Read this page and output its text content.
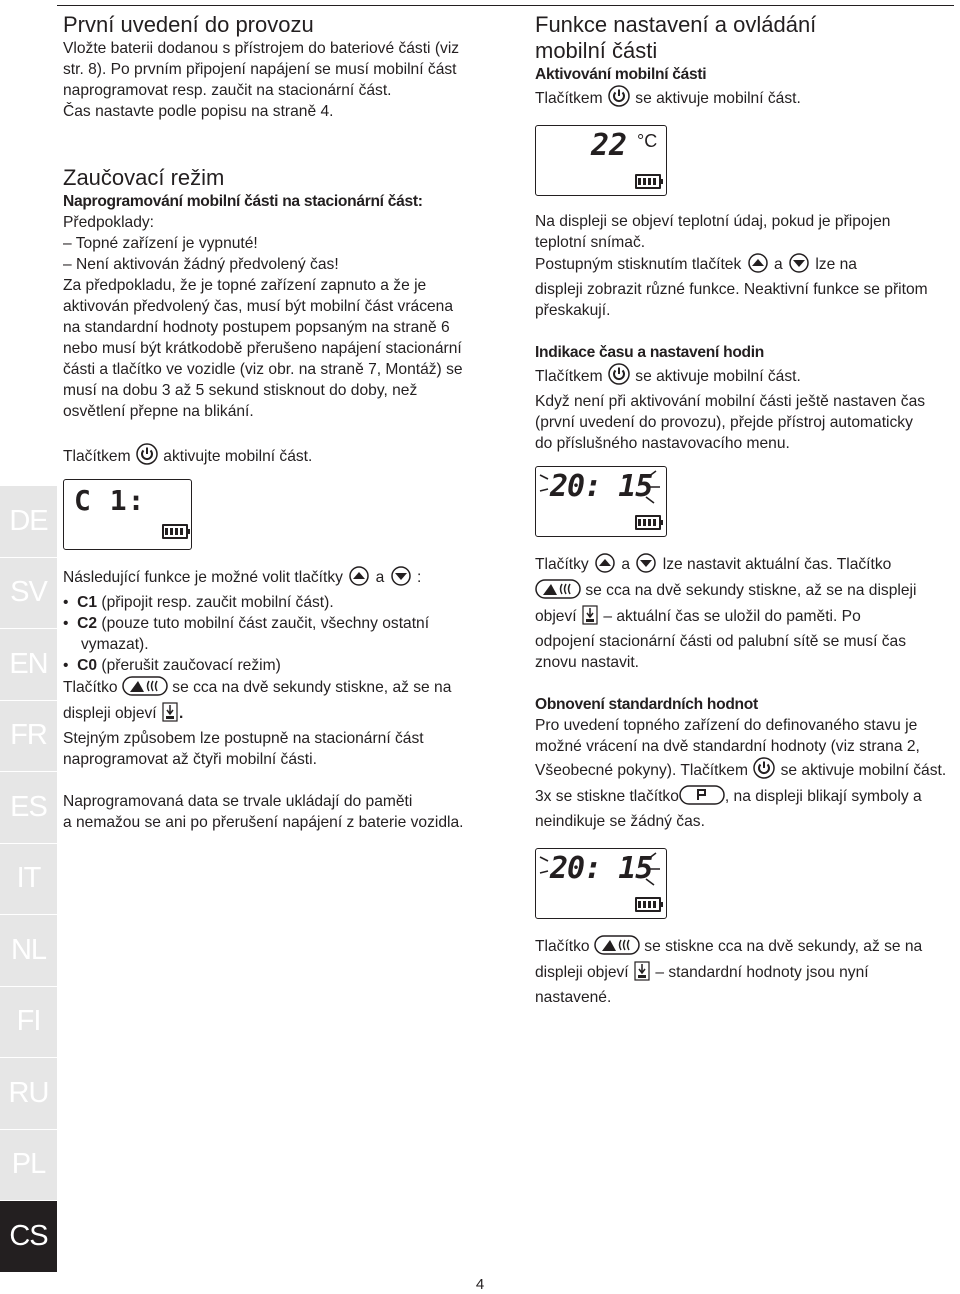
První uvedení do provozu

Vložte baterii dodanou s přístrojem do bateriové části (viz

str. 8). Po prvním připojení napájení se musí mobilní část

naprogramovat resp. zaučit na stacionární část.

Čas nastavte podle popisu na straně 4.

Zaučovací režim

Naprogramování mobilní části na stacionární část:

Předpoklady:

– Topné zařízení je vypnuté!

– Není aktivován žádný předvolený čas!

Za předpokladu, že je topné zařízení zapnuto a že je

aktivován předvolený čas, musí být mobilní část vrácena

na standardní hodnoty postupem popsaným na straně 6

nebo musí být krátkodobě přerušeno napájení stacionární

části a tlačítko ve vozidle (viz obr. na straně 7, Montáž) se

musí na dobu 3 až 5 sekund stisknout do doby, než

osvětlení přepne na blikání.

Tlačítkem aktivujte mobilní část.

C 1:

Následující funkce je možné volit tlačítky a :

•  C1 (připojit resp. zaučit mobilní část).

•  C2 (pouze tuto mobilní část zaučit, všechny ostatní

vymazat).

•  C0 (přerušit zaučovací režim)

Tlačítko	se cca na dvě sekundy stiskne, až se na

displeji objeví .

Stejným způsobem lze postupně na stacionární část

naprogramovat až čtyři mobilní části.

Naprogramovaná data se trvale ukládají do paměti

a nemažou se ani po přerušení napájení z baterie vozidla.

Funkce nastavení a ovládání
mobilní části

Aktivování mobilní části

Tlačítkem se aktivuje mobilní část.

22 °C

Na displeji se objeví teplotní údaj, pokud je připojen

teplotní snímač.

Postupným stisknutím tlačítek a lze na

displeji zobrazit různé funkce. Neaktivní funkce se přitom

přeskakují.

Indikace času a nastavení hodin

Tlačítkem se aktivuje mobilní část.

Když není při aktivování mobilní části ještě nastaven čas

(první uvedení do provozu), přejde přístroj automaticky

do příslušného nastavovacího menu.

20: 15

Tlačítky a lze nastavit aktuální čas. Tlačítko

se cca na dvě sekundy stiskne, až se na displeji

objeví – aktuální čas se uložil do paměti. Po

odpojení stacionární části od palubní sítě se musí čas

znovu nastavit.

Obnovení standardních hodnot

Pro uvedení topného zařízení do definovaného stavu je

možné vrácení na dvě standardní hodnoty (viz strana 2,

Všeobecné pokyny). Tlačítkem se aktivuje mobilní část.

3x se stiskne tlačítko	, na displeji blikají symboly a

neindikuje se žádný čas.

20: 15

Tlačítko	se stiskne cca na dvě sekundy, až se na

displeji objeví – standardní hodnoty jsou nyní

nastavené.

DE
SV
EN
FR
ES
IT
NL
FI
RU
PL
CS
4
